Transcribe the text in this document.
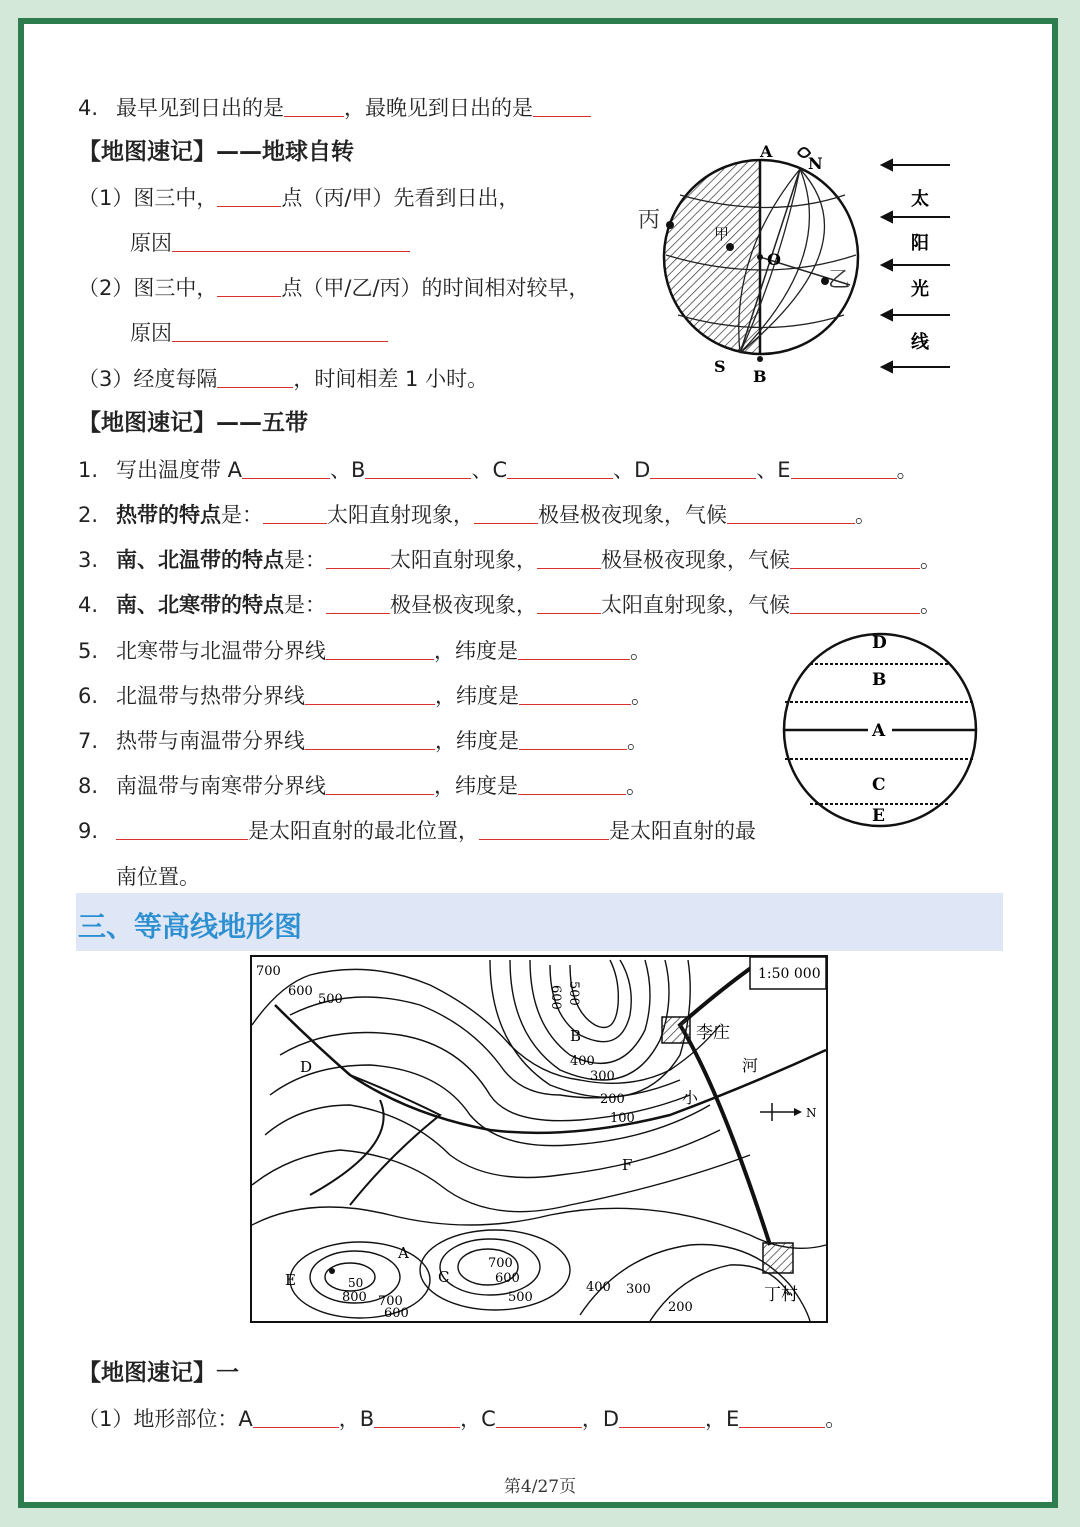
4. 最早见到日出的是	，最晚见到日出的是
【地图速记】——地球自转
（1）图三中，	点（丙/甲）先看到日出，
原因
（2）图三中，	点（甲/乙/丙）的时间相对较早，
原因
（3）经度每隔	，时间相差 1 小时。
A
N
S
B
O
丙
甲
乙
太
阳
光
线
【地图速记】——五带
1. 写出温度带 A	、B	、C	、D	、E	。
2. 热带的特点是：	太阳直射现象，	极昼极夜现象，气候	。
3. 南、北温带的特点是：	太阳直射现象，	极昼极夜现象，气候	。
4. 南、北寒带的特点是：	极昼极夜现象，	太阳直射现象，气候	。
5. 北寒带与北温带分界线	，纬度是	。
6. 北温带与热带分界线	，纬度是	。
7. 热带与南温带分界线	，纬度是	。
8. 南温带与南寒带分界线	，纬度是	。
9.	是太阳直射的最北位置，	是太阳直射的最
南位置。
D
B
A
C
E
三、等高线地形图
1:50 000
N
李庄
丁村
河
小
B
D
F
A
C
E
700
600
500	600 500
400
300
200
100
700
600
500
400 300
200
50
800 700
600
【地图速记】一
（1）地形部位：A	，B	，C	，D	，E	。
第4/27页
